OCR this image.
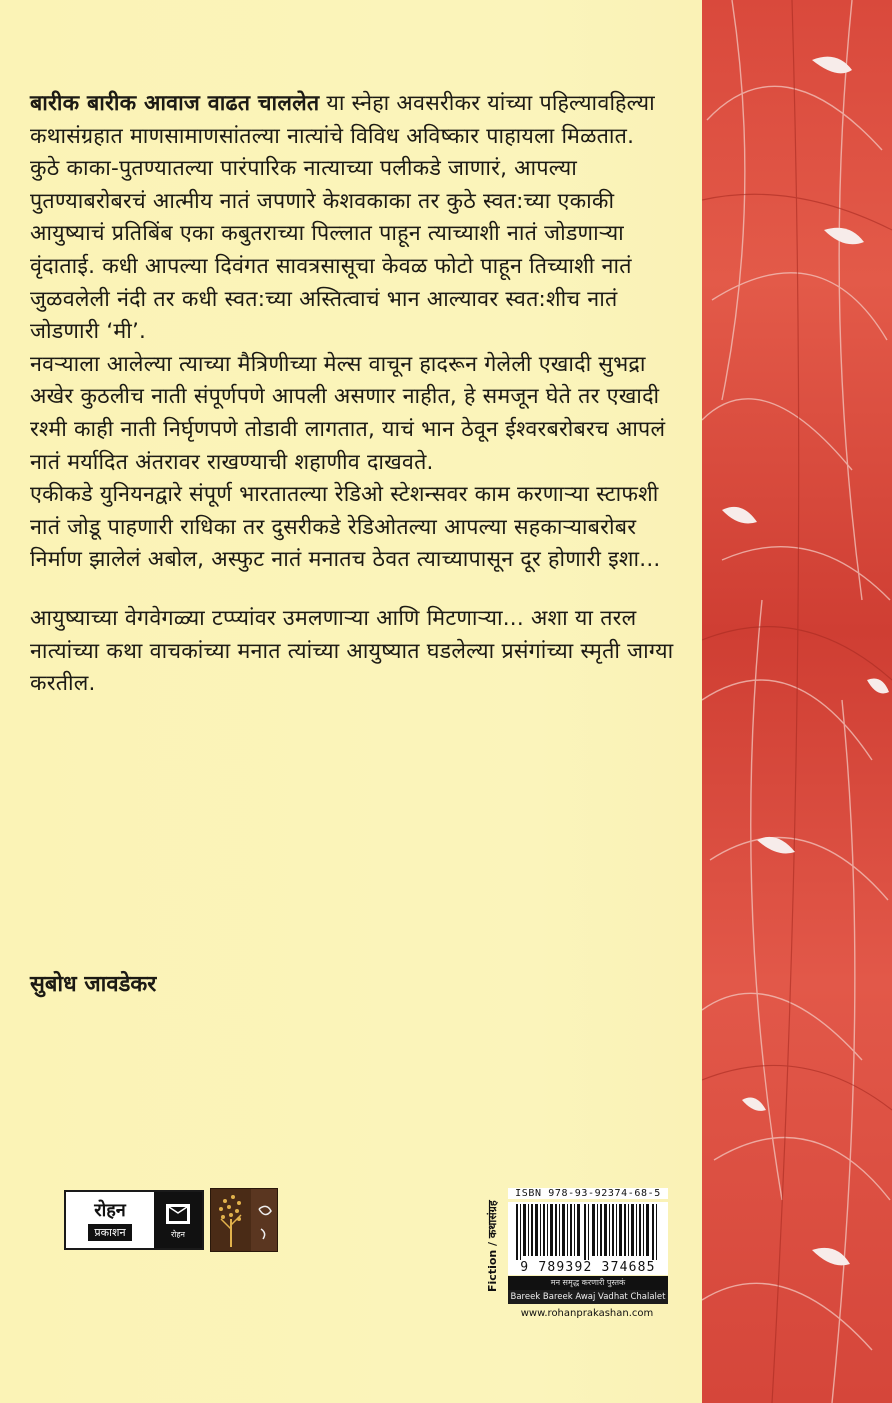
बारीक बारीक आवाज वाढत चाललेत या स्नेहा अवसरीकर यांच्या पहिल्यावहिल्या कथासंग्रहात माणसामाणसांतल्या नात्यांचे विविध अविष्कार पाहायला मिळतात.

कुठे काका-पुतण्यातल्या पारंपारिक नात्याच्या पलीकडे जाणारं, आपल्या पुतण्याबरोबरचं आत्मीय नातं जपणारे केशवकाका तर कुठे स्वत:च्या एकाकी आयुष्याचं प्रतिबिंब एका कबुतराच्या पिल्लात पाहून त्याच्याशी नातं जोडणाऱ्या वृंदाताई. कधी आपल्या दिवंगत सावत्रसासूचा केवळ फोटो पाहून तिच्याशी नातं जुळवलेली नंदी तर कधी स्वत:च्या अस्तित्वाचं भान आल्यावर स्वत:शीच नातं जोडणारी ‘मी’.

नवऱ्याला आलेल्या त्याच्या मैत्रिणीच्या मेल्स वाचून हादरून गेलेली एखादी सुभद्रा अखेर कुठलीच नाती संपूर्णपणे आपली असणार नाहीत, हे समजून घेते तर एखादी रश्मी काही नाती निर्घृणपणे तोडावी लागतात, याचं भान ठेवून ईश्वरबरोबरच आपलं नातं मर्यादित अंतरावर राखण्याची शहाणीव दाखवते.

एकीकडे युनियनद्वारे संपूर्ण भारतातल्या रेडिओ स्टेशन्सवर काम करणाऱ्या स्टाफशी नातं जोडू पाहणारी राधिका तर दुसरीकडे रेडिओतल्या आपल्या सहकाऱ्याबरोबर निर्माण झालेलं अबोल, अस्फुट नातं मनातच ठेवत त्याच्यापासून दूर होणारी इशा...

आयुष्याच्या वेगवेगळ्या टप्प्यांवर उमलणाऱ्या आणि मिटणाऱ्या... अशा या तरल नात्यांच्या कथा वाचकांच्या मनात त्यांच्या आयुष्यात घडलेल्या प्रसंगांच्या स्मृती जाग्या करतील.

सुबोध जावडेकर
रोहन
प्रकाशन	रोहन	Fiction / कथासंग्रह
ISBN 978-93-92374-68-5
9 789392 374685
मन समृद्ध करणारी पुस्तकं
Bareek Bareek Awaj Vadhat Chalalet
www.rohanprakashan.com
